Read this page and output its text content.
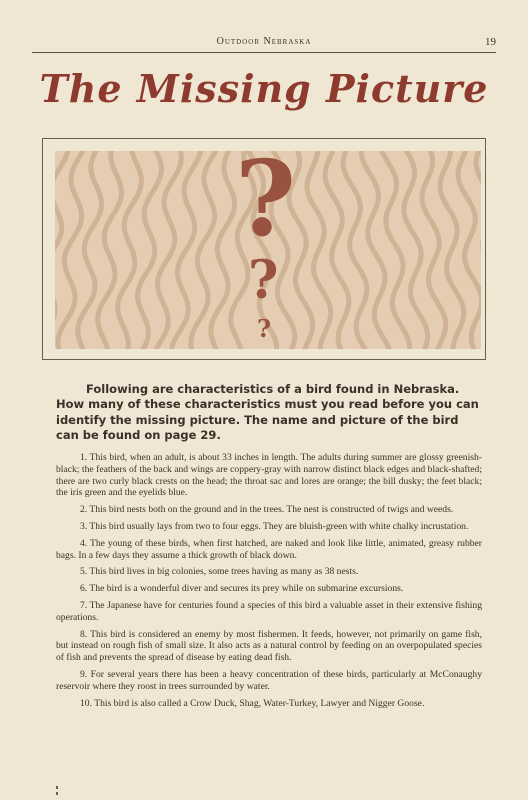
Outdoor Nebraska	19
The Missing Picture
?
?
?
Following are characteristics of a bird found in Nebraska. How many of these characteristics must you read before you can identify the missing picture. The name and picture of the bird can be found on page 29.

1. This bird, when an adult, is about 33 inches in length. The adults during summer are glossy greenish-black; the feathers of the back and wings are coppery-gray with narrow distinct black edges and black-shafted; there are two curly black crests on the head; the throat sac and lores are orange; the bill dusky; the feet black; the iris green and the eyelids blue.

2. This bird nests both on the ground and in the trees. The nest is constructed of twigs and weeds.

3. This bird usually lays from two to four eggs. They are bluish-green with white chalky incrustation.

4. The young of these birds, when first hatched, are naked and look like little, animated, greasy rubber bags. In a few days they assume a thick growth of black down.

5. This bird lives in big colonies, some trees having as many as 38 nests.

6. The bird is a wonderful diver and secures its prey while on submarine excursions.

7. The Japanese have for centuries found a species of this bird a valuable asset in their extensive fishing operations.

8. This bird is considered an enemy by most fishermen. It feeds, however, not primarily on game fish, but instead on rough fish of small size. It also acts as a natural control by feeding on an overpopulated species of fish and prevents the spread of disease by eating dead fish.

9. For several years there has been a heavy concentration of these birds, particularly at McConaughy reservoir where they roost in trees surrounded by water.

10. This bird is also called a Crow Duck, Shag, Water-Turkey, Lawyer and Nigger Goose.
